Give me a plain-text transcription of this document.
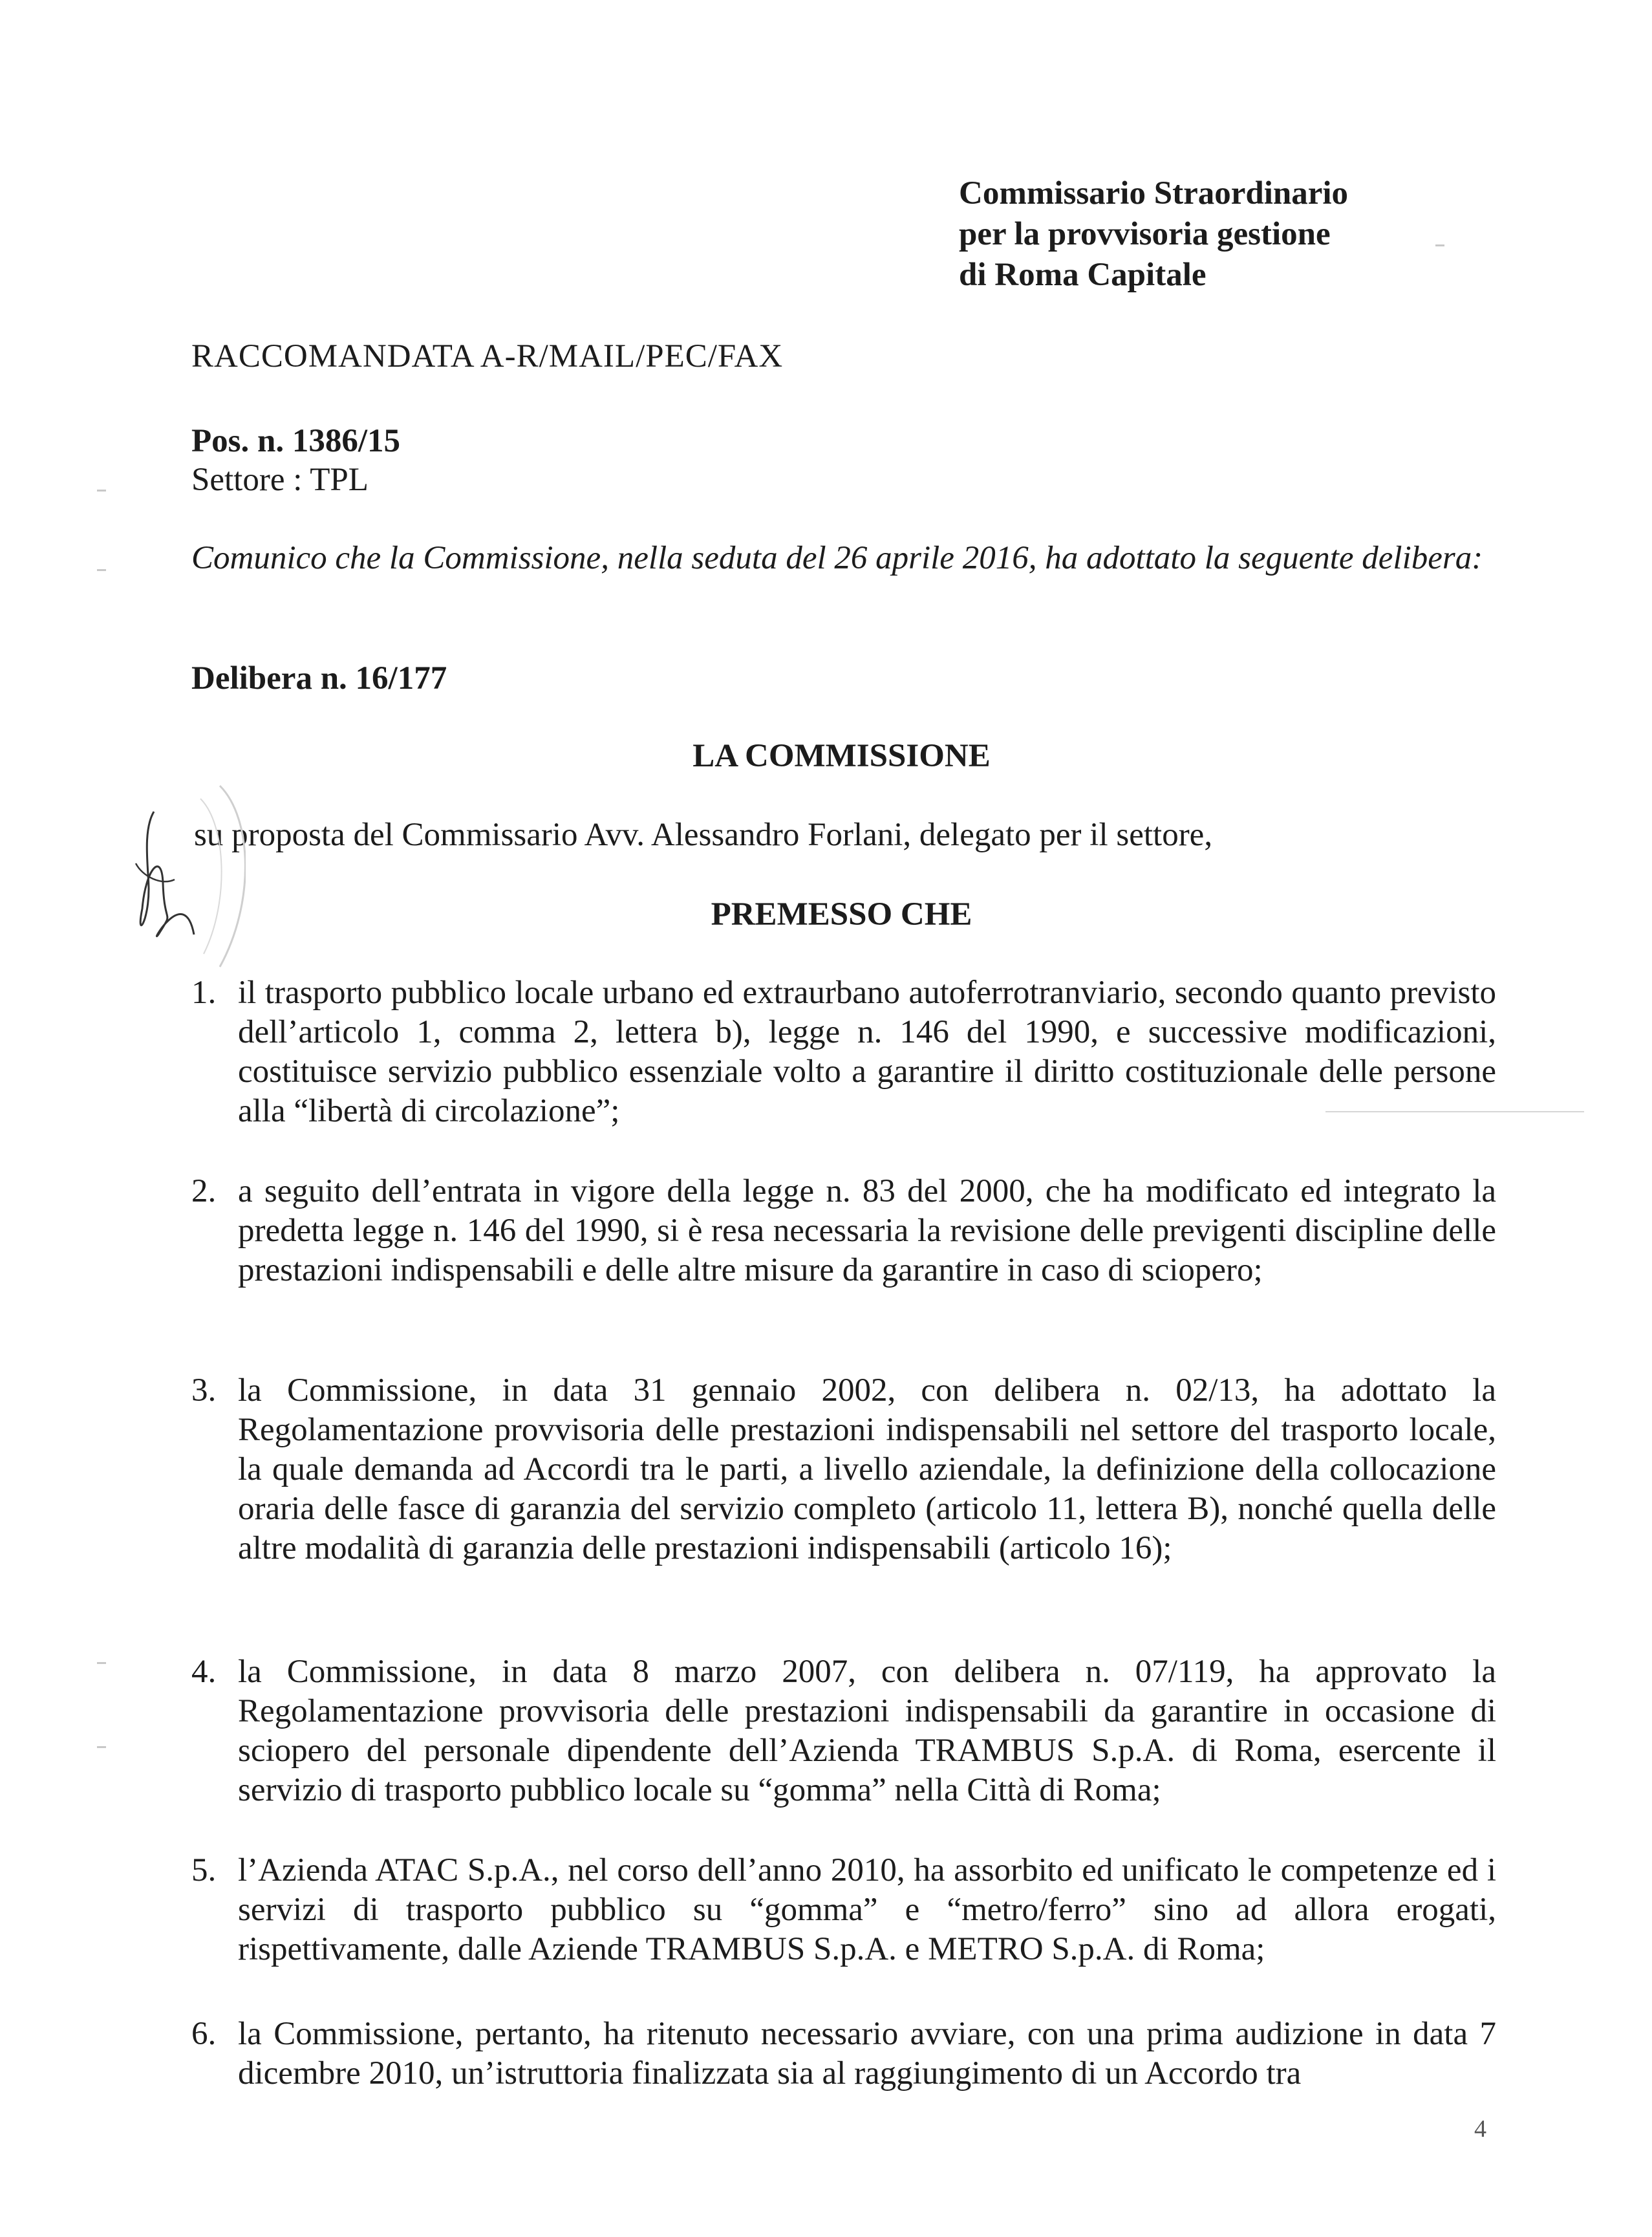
Commissario Straordinario
per la provvisoria gestione
di Roma Capitale
RACCOMANDATA A-R/MAIL/PEC/FAX
Pos. n. 1386/15
Settore : TPL
Comunico che la Commissione, nella seduta del 26 aprile 2016, ha adottato la seguente delibera:
Delibera n. 16/177
LA COMMISSIONE
su proposta del Commissario Avv. Alessandro Forlani, delegato per il settore,
PREMESSO CHE
1. il trasporto pubblico locale urbano ed extraurbano autoferrotranviario, secondo quanto previsto dell’articolo 1, comma 2, lettera b), legge n. 146 del 1990, e successive modificazioni, costituisce servizio pubblico essenziale volto a garantire il diritto costituzionale delle persone alla “libertà di circolazione”;
2. a seguito dell’entrata in vigore della legge n. 83 del 2000, che ha modificato ed integrato la predetta legge n. 146 del 1990, si è resa necessaria la revisione delle previgenti discipline delle prestazioni indispensabili e delle altre misure da garantire in caso di sciopero;
3. la Commissione, in data 31 gennaio 2002, con delibera n. 02/13, ha adottato la Regolamentazione provvisoria delle prestazioni indispensabili nel settore del trasporto locale, la quale demanda ad Accordi tra le parti, a livello aziendale, la definizione della collocazione oraria delle fasce di garanzia del servizio completo (articolo 11, lettera B), nonché quella delle altre modalità di garanzia delle prestazioni indispensabili (articolo 16);
4. la Commissione, in data 8 marzo 2007, con delibera n. 07/119, ha approvato la Regolamentazione provvisoria delle prestazioni indispensabili da garantire in occasione di sciopero del personale dipendente dell’Azienda TRAMBUS S.p.A. di Roma, esercente il servizio di trasporto pubblico locale su “gomma” nella Città di Roma;
5. l’Azienda ATAC S.p.A., nel corso dell’anno 2010, ha assorbito ed unificato le competenze ed i servizi di trasporto pubblico su “gomma” e “metro/ferro” sino ad allora erogati, rispettivamente, dalle Aziende TRAMBUS S.p.A. e METRO S.p.A. di Roma;
6. la Commissione, pertanto, ha ritenuto necessario avviare, con una prima audizione in data 7 dicembre 2010, un’istruttoria finalizzata sia al raggiungimento di un Accordo tra
4
